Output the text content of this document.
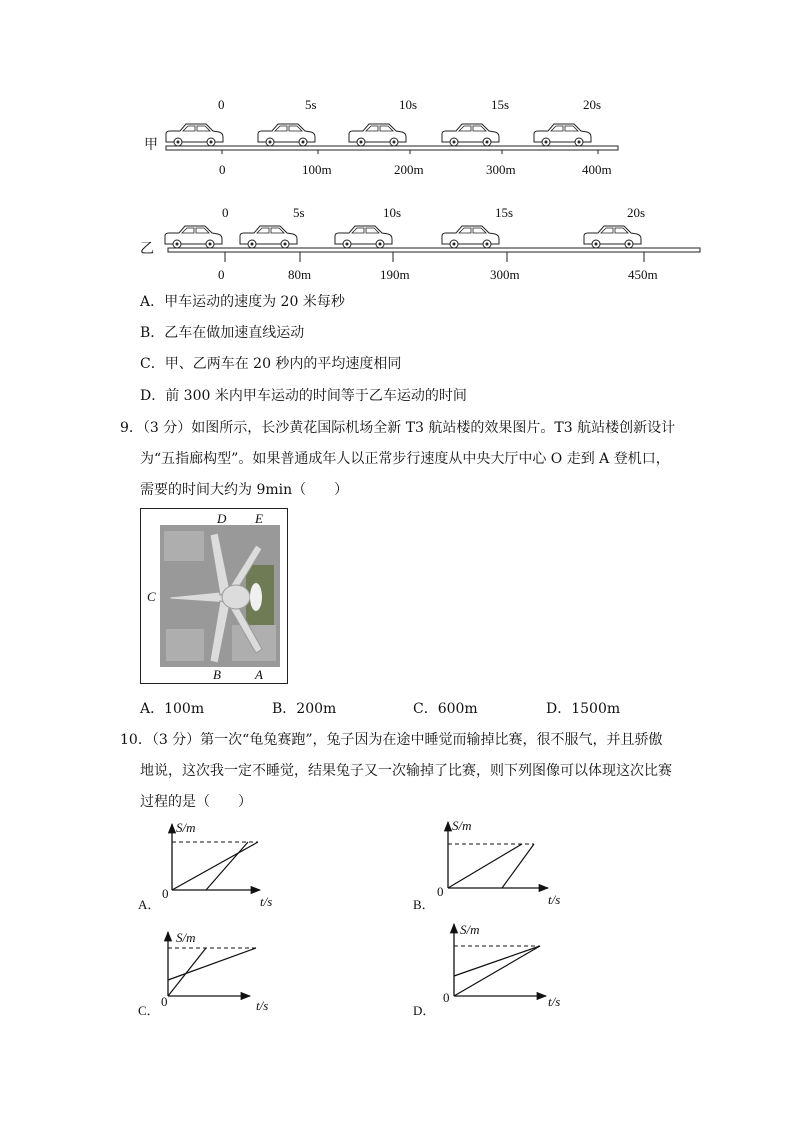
0	5s	10s	15s	20s
甲
0	100m	200m	300m	400m
0	5s	10s	15s	20s
乙
0	80m	190m	300m	450m
A．甲车运动的速度为 20 米每秒
B．乙车在做加速直线运动
C．甲、乙两车在 20 秒内的平均速度相同
D．前 300 米内甲车运动的时间等于乙车运动的时间
9．（3 分）如图所示，长沙黄花国际机场全新 T3 航站楼的效果图片。T3 航站楼创新设计
为“五指廊构型”。如果普通成年人以正常步行速度从中央大厅中心 O 走到 A 登机口，
需要的时间大约为 9min（　　）
D E
C
B	A
A．100m	B．200m	C．600m	D．1500m
10．（3 分）第一次“龟兔赛跑”，兔子因为在途中睡觉而输掉比赛，很不服气，并且骄傲
地说，这次我一定不睡觉，结果兔子又一次输掉了比赛，则下列图像可以体现这次比赛
过程的是（　　）
A．
S/m
t/s
0
B．
S/m
t/s
0
C．
S/m
t/s
0
D．
S/m
t/s
0
